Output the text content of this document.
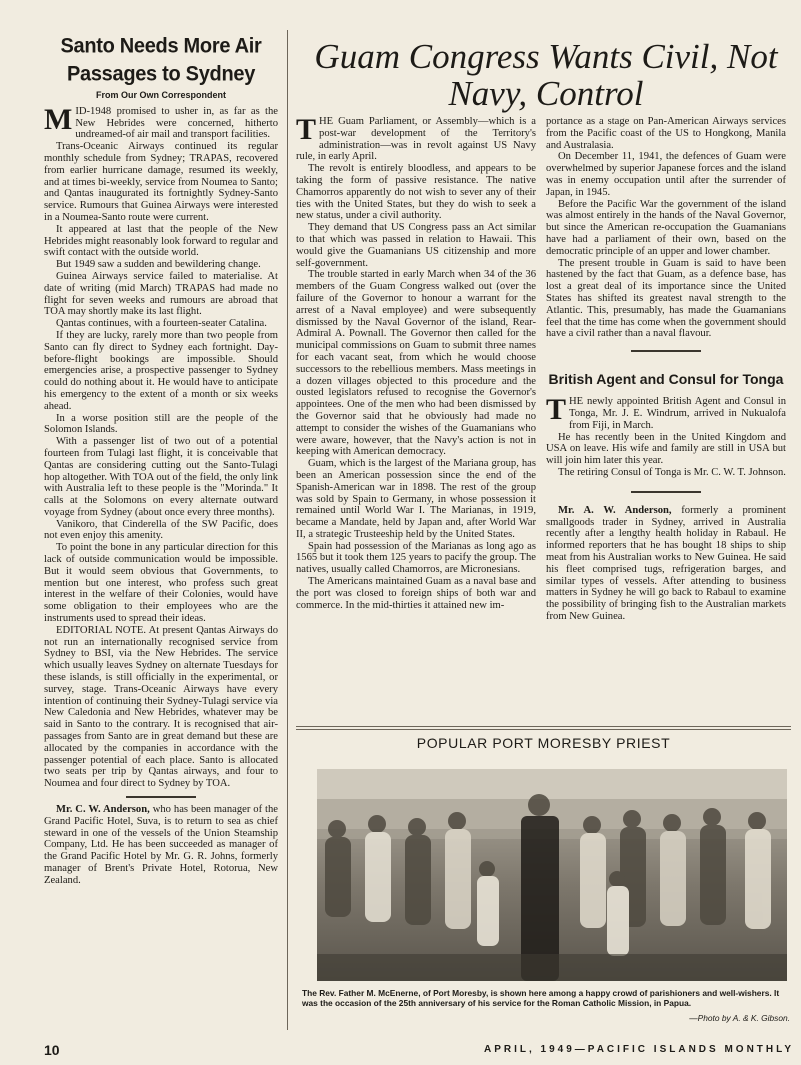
Santo Needs More Air Passages to Sydney
From Our Own Correspondent

MID-1948 promised to usher in, as far as the New Hebrides were concerned, hitherto undreamed-of air mail and transport facilities.

Trans-Oceanic Airways continued its regular monthly schedule from Sydney; TRAPAS, recovered from earlier hurricane damage, resumed its weekly, and at times bi-weekly, service from Noumea to Santo; and Qantas inaugurated its fortnightly Sydney-Santo service. Rumours that Guinea Airways were interested in a Noumea-Santo route were current.

It appeared at last that the people of the New Hebrides might reasonably look forward to regular and swift contact with the outside world.

But 1949 saw a sudden and bewildering change.

Guinea Airways service failed to materialise. At date of writing (mid March) TRAPAS had made no flight for seven weeks and rumours are abroad that TOA may shortly make its last flight.

Qantas continues, with a fourteen-seater Catalina.

If they are lucky, rarely more than two people from Santo can fly direct to Sydney each fortnight. Day-before-flight bookings are impossible. Should emergencies arise, a prospective passenger to Sydney could do nothing about it. He would have to anticipate his emergency to the extent of a month or six weeks ahead.

In a worse position still are the people of the Solomon Islands.

With a passenger list of two out of a potential fourteen from Tulagi last flight, it is conceivable that Qantas are considering cutting out the Santo-Tulagi hop altogether. With TOA out of the field, the only link with Australia left to these people is the "Morinda." It calls at the Solomons on every alternate outward voyage from Sydney (about once every three months).

Vanikoro, that Cinderella of the SW Pacific, does not even enjoy this amenity.

To point the bone in any particular direction for this lack of outside communication would be impossible. But it would seem obvious that Governments, to mention but one interest, who profess such great interest in the welfare of their Colonies, would have some obligation to their employees who are the instruments used to spread their ideas.

EDITORIAL NOTE. At present Qantas Airways do not run an internationally recognised service from Sydney to BSI, via the New Hebrides. The service which usually leaves Sydney on alternate Tuesdays for these islands, is still officially in the experimental, or survey, stage. Trans-Oceanic Airways have every intention of continuing their Sydney-Tulagi service via New Caledonia and New Hebrides, whatever may be said in Santo to the contrary. It is recognised that air-passages from Santo are in great demand but these are allocated by the companies in accordance with the passenger potential of each place. Santo is allocated two seats per trip by Qantas airways, and four to Noumea and four direct to Sydney by TOA.

Mr. C. W. Anderson, who has been manager of the Grand Pacific Hotel, Suva, is to return to sea as chief steward in one of the vessels of the Union Steamship Company, Ltd. He has been succeeded as manager of the Grand Pacific Hotel by Mr. G. R. Johns, formerly manager of Brent's Private Hotel, Rotorua, New Zealand.

Guam Congress Wants Civil, Not
Navy, Control

THE Guam Parliament, or Assembly—which is a post-war development of the Territory's administration—was in revolt against US Navy rule, in early April.

The revolt is entirely bloodless, and appears to be taking the form of passive resistance. The native Chamorros apparently do not wish to sever any of their ties with the United States, but they do wish to seek a new status, under a civil authority.

They demand that US Congress pass an Act similar to that which was passed in relation to Hawaii. This would give the Guamanians US citizenship and more self-government.

The trouble started in early March when 34 of the 36 members of the Guam Congress walked out (over the failure of the Governor to honour a warrant for the arrest of a Naval employee) and were subsequently dismissed by the Naval Governor of the island, Rear-Admiral A. Pownall. The Governor then called for the municipal commissions on Guam to submit three names for each vacant seat, from which he would choose successors to the rebellious members. Mass meetings in a dozen villages objected to this procedure and the ousted legislators refused to recognise the Governor's appointees. One of the men who had been dismissed by the Governor said that he obviously had made no attempt to consider the wishes of the Guamanians who were aware, however, that the Navy's action is not in keeping with American democracy.

Guam, which is the largest of the Mariana group, has been an American possession since the end of the Spanish-American war in 1898. The rest of the group was sold by Spain to Germany, in whose possession it remained until World War I. The Marianas, in 1919, became a Mandate, held by Japan and, after World War II, a strategic Trusteeship held by the United States.

Spain had possession of the Marianas as long ago as 1565 but it took them 125 years to pacify the group. The natives, usually called Chamorros, are Micronesians.

The Americans maintained Guam as a naval base and the port was closed to foreign ships of both war and commerce. In the mid-thirties it attained new im-

portance as a stage on Pan-American Airways services from the Pacific coast of the US to Hongkong, Manila and Australasia.

On December 11, 1941, the defences of Guam were overwhelmed by superior Japanese forces and the island was in enemy occupation until after the surrender of Japan, in 1945.

Before the Pacific War the government of the island was almost entirely in the hands of the Naval Governor, but since the American re-occupation the Guamanians have had a parliament of their own, based on the democratic principle of an upper and lower chamber.

The present trouble in Guam is said to have been hastened by the fact that Guam, as a defence base, has lost a great deal of its importance since the United States has shifted its greatest naval strength to the Atlantic. This, presumably, has made the Guamanians feel that the time has come when the government should have a civil rather than a naval flavour.

British Agent and Consul for Tonga

THE newly appointed British Agent and Consul in Tonga, Mr. J. E. Windrum, arrived in Nukualofa from Fiji, in March.

He has recently been in the United Kingdom and USA on leave. His wife and family are still in USA but will join him later this year.

The retiring Consul of Tonga is Mr. C. W. T. Johnson.

Mr. A. W. Anderson, formerly a prominent smallgoods trader in Sydney, arrived in Australia recently after a lengthy health holiday in Rabaul. He informed reporters that he has bought 18 ships to ship meat from his Australian works to New Guinea. He said his fleet comprised tugs, refrigeration barges, and similar types of vessels. After attending to business matters in Sydney he will go back to Rabaul to examine the possibility of bringing fish to the Australian markets from New Guinea.

POPULAR PORT MORESBY PRIEST
The Rev. Father M. McEnerne, of Port Moresby, is shown here among a happy crowd of parishioners and well-wishers. It was the occasion of the 25th anniversary of his service for the Roman Catholic Mission, in Papua.
—Photo by A. & K. Gibson.
10	APRIL, 1949—PACIFIC ISLANDS MONTHLY
